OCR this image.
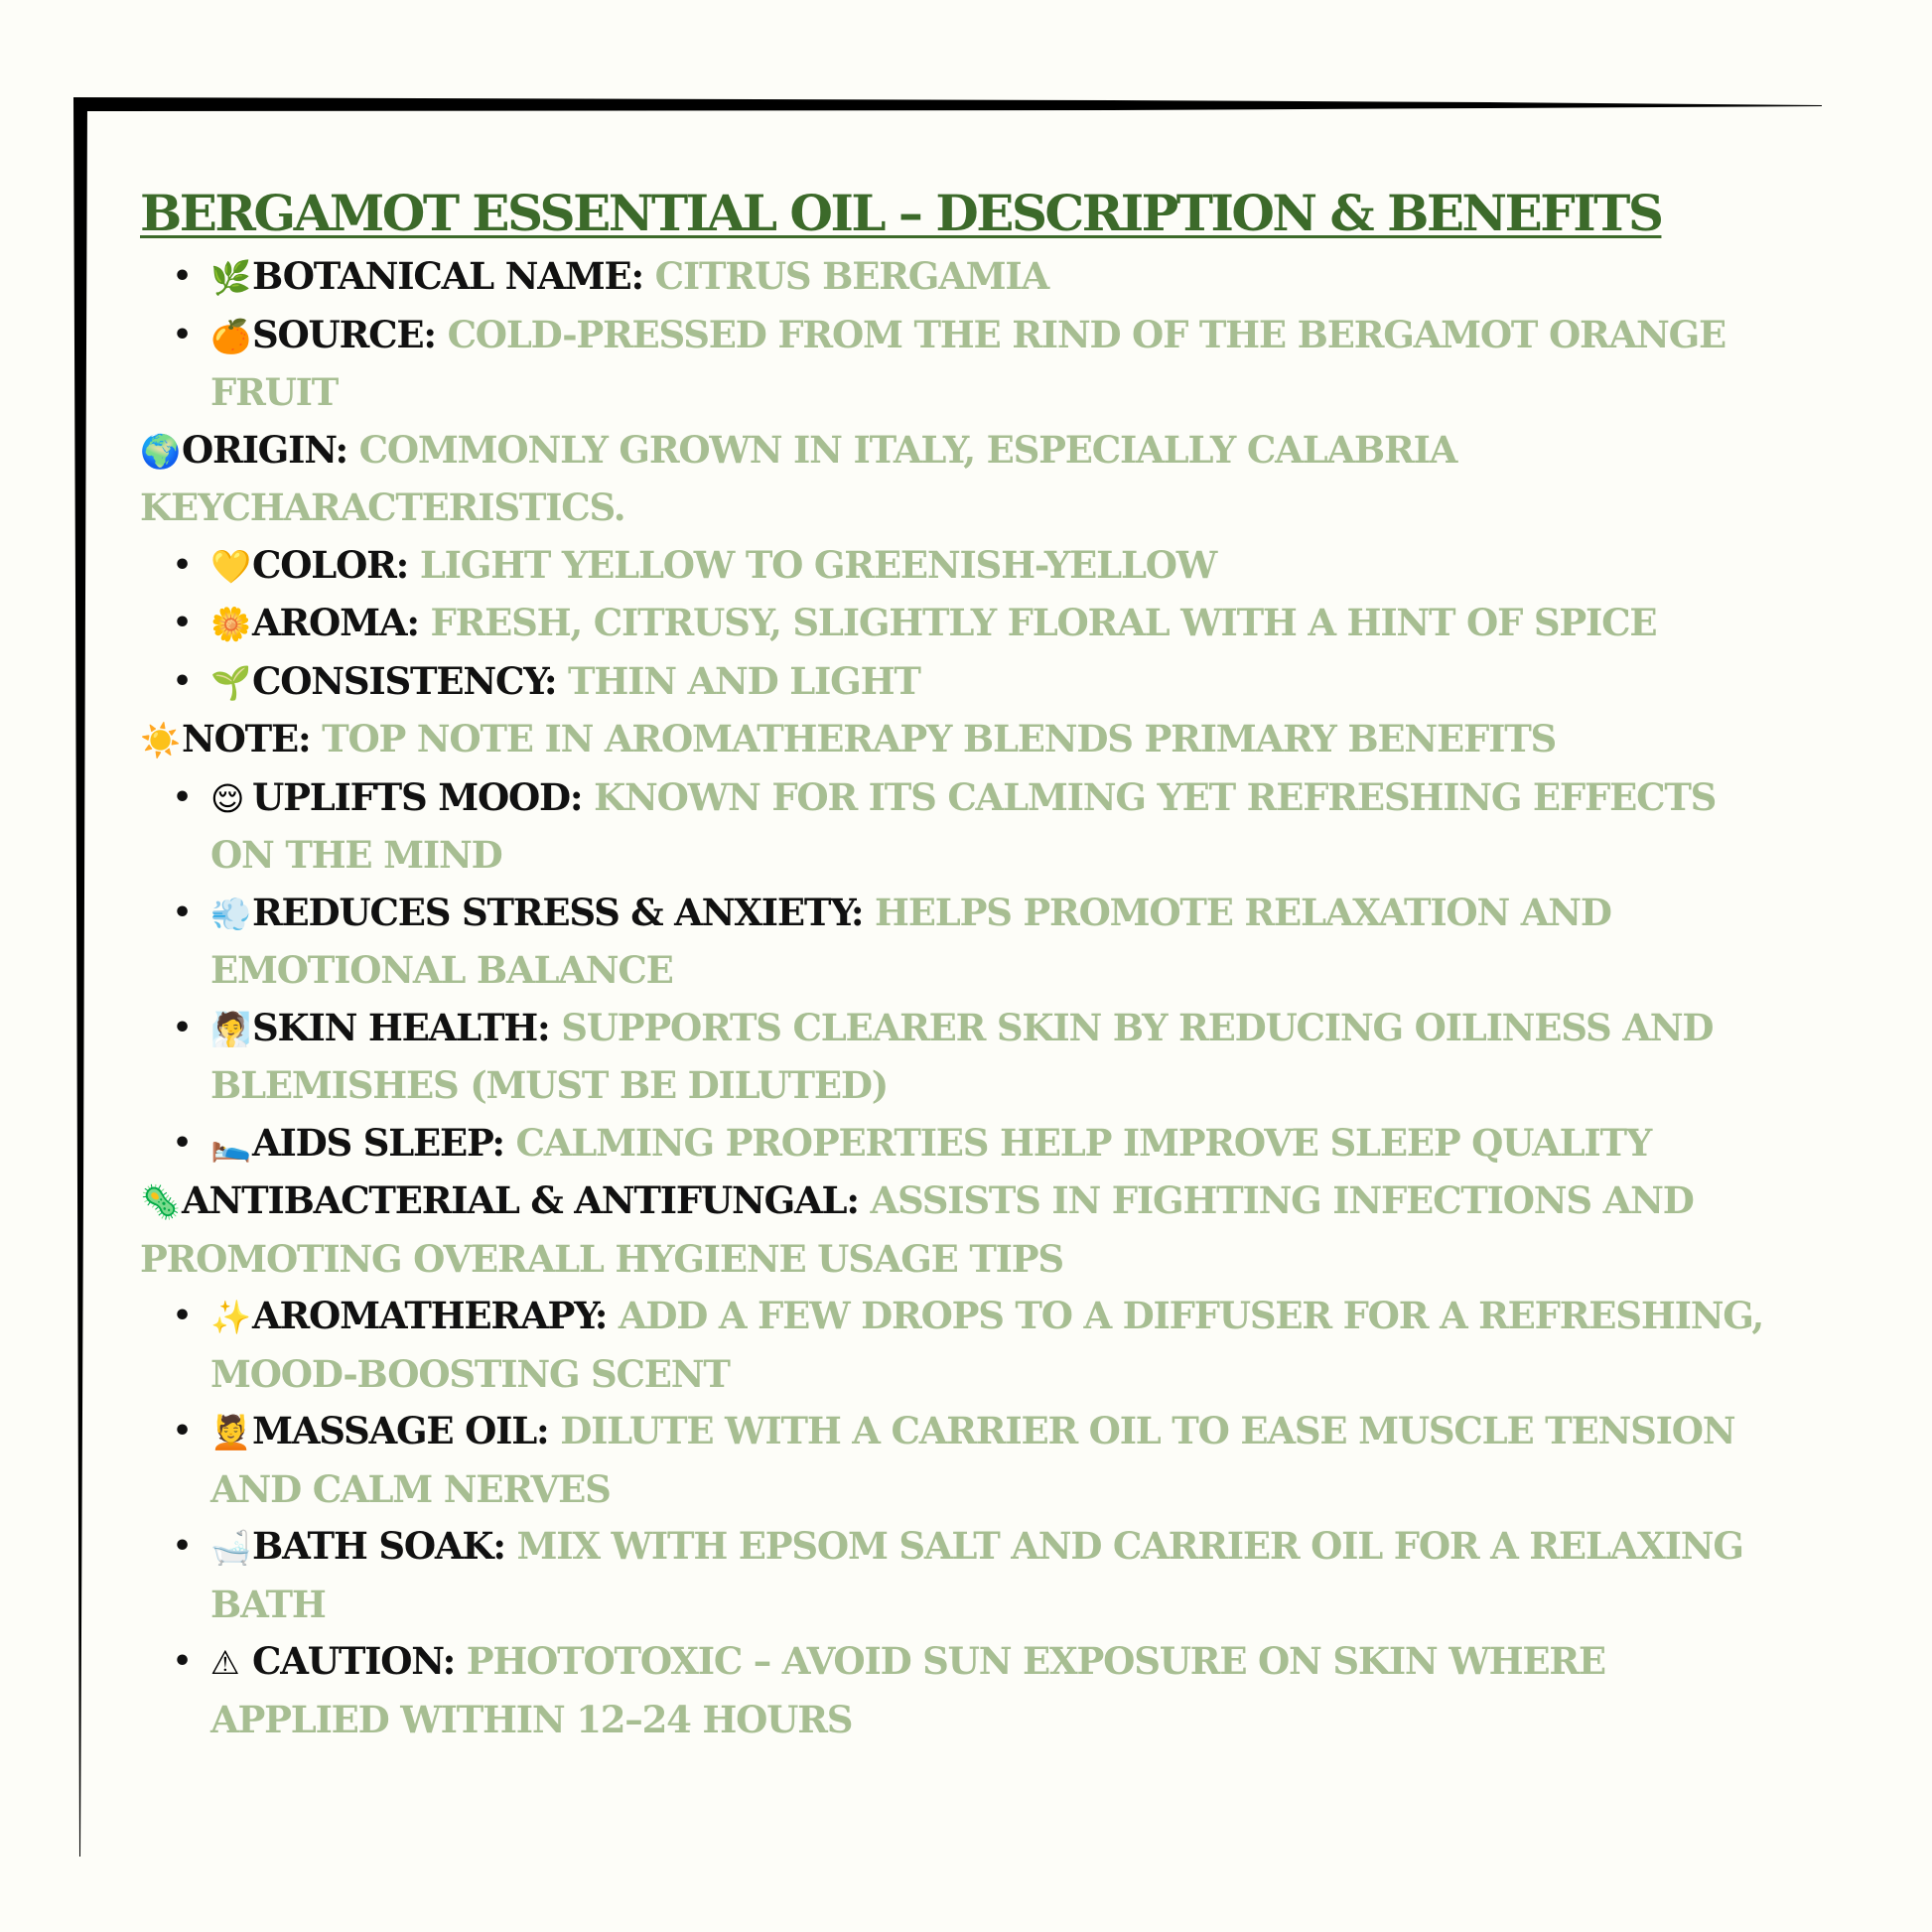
BERGAMOT ESSENTIAL OIL – DESCRIPTION & BENEFITS
• 🌿BOTANICAL NAME: CITRUS BERGAMIA
• 🍊SOURCE: COLD-PRESSED FROM THE RIND OF THE BERGAMOT ORANGE FRUIT
🌍ORIGIN: COMMONLY GROWN IN ITALY, ESPECIALLY CALABRIA KEYCHARACTERISTICS.
• 💛COLOR: LIGHT YELLOW TO GREENISH-YELLOW
• 🌼AROMA: FRESH, CITRUSY, SLIGHTLY FLORAL WITH A HINT OF SPICE
• 🌱CONSISTENCY: THIN AND LIGHT
☀️NOTE: TOP NOTE IN AROMATHERAPY BLENDS PRIMARY BENEFITS
• 😌 UPLIFTS MOOD: KNOWN FOR ITS CALMING YET REFRESHING EFFECTS ON THE MIND
• 💨REDUCES STRESS & ANXIETY: HELPS PROMOTE RELAXATION AND EMOTIONAL BALANCE
• 🧖SKIN HEALTH: SUPPORTS CLEARER SKIN BY REDUCING OILINESS AND BLEMISHES (MUST BE DILUTED)
• 🛌AIDS SLEEP: CALMING PROPERTIES HELP IMPROVE SLEEP QUALITY
🦠ANTIBACTERIAL & ANTIFUNGAL: ASSISTS IN FIGHTING INFECTIONS AND PROMOTING OVERALL HYGIENE USAGE TIPS
• ✨AROMATHERAPY: ADD A FEW DROPS TO A DIFFUSER FOR A REFRESHING, MOOD-BOOSTING SCENT
• 💆MASSAGE OIL: DILUTE WITH A CARRIER OIL TO EASE MUSCLE TENSION AND CALM NERVES
• 🛁BATH SOAK: MIX WITH EPSOM SALT AND CARRIER OIL FOR A RELAXING BATH
• ⚠ CAUTION: PHOTOTOXIC – AVOID SUN EXPOSURE ON SKIN WHERE APPLIED WITHIN 12–24 HOURS
